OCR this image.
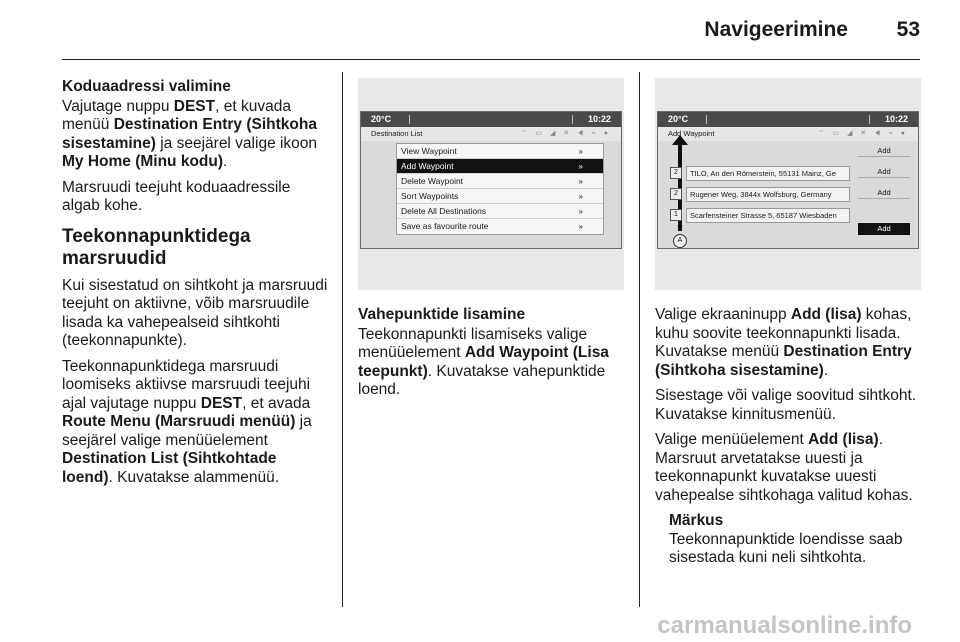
Navigeerimine 53

Koduaadressi valimine

Vajutage nuppu DEST, et kuvada menüü Destination Entry (Sihtkoha sisestamine) ja seejärel valige ikoon My Home (Minu kodu).

Marsruudi teejuht koduaadressile algab kohe.

Teekonnapunktidega marsruudid

Kui sisestatud on sihtkoht ja marsruudi teejuht on aktiivne, võib marsruudile lisada ka vahepealseid sihtkohti (teekonnapunkte).

Teekonnapunktidega marsruudi loomiseks aktiivse marsruudi teejuhi ajal vajutage nuppu DEST, et avada Route Menu (Marsruudi menüü) ja seejärel valige menüüelement Destination List (Sihtkohtade loend). Kuvatakse alammenüü.

20°C	10:22
Destination List	⌔ ▭ ◢ ✕ ◀ ⌁ ●
View Waypoint	»
Add Waypoint	»
Delete Waypoint	»
Sort Waypoints	»
Delete All Destinations	»
Save as favourite route	»

Vahepunktide lisamine

Teekonnapunkti lisamiseks valige menüüelement Add Waypoint (Lisa teepunkt). Kuvatakse vahepunktide loend.

20°C	10:22
Add Waypoint	⌔ ▭ ◢ ✕ ◀ ⌁ ●
Add
2	TILO, An den Römerstein, 55131 Mainz, Ge	Add
2	Rugener Weg, 3844x Wolfsburg, Germany	Add
1	Scarfensteiner Strasse 5, 65187 Wiesbaden
Add
A

Valige ekraaninupp Add (lisa) kohas, kuhu soovite teekonnapunkti lisada. Kuvatakse menüü Destination Entry (Sihtkoha sisestamine).

Sisestage või valige soovitud sihtkoht. Kuvatakse kinnitusmenüü.

Valige menüüelement Add (lisa). Marsruut arvetatakse uuesti ja teekonnapunkt kuvatakse uuesti vahepealse sihtkohaga valitud kohas.

Märkus

Teekonnapunktide loendisse saab sisestada kuni neli sihtkohta.

carmanualsonline.info
